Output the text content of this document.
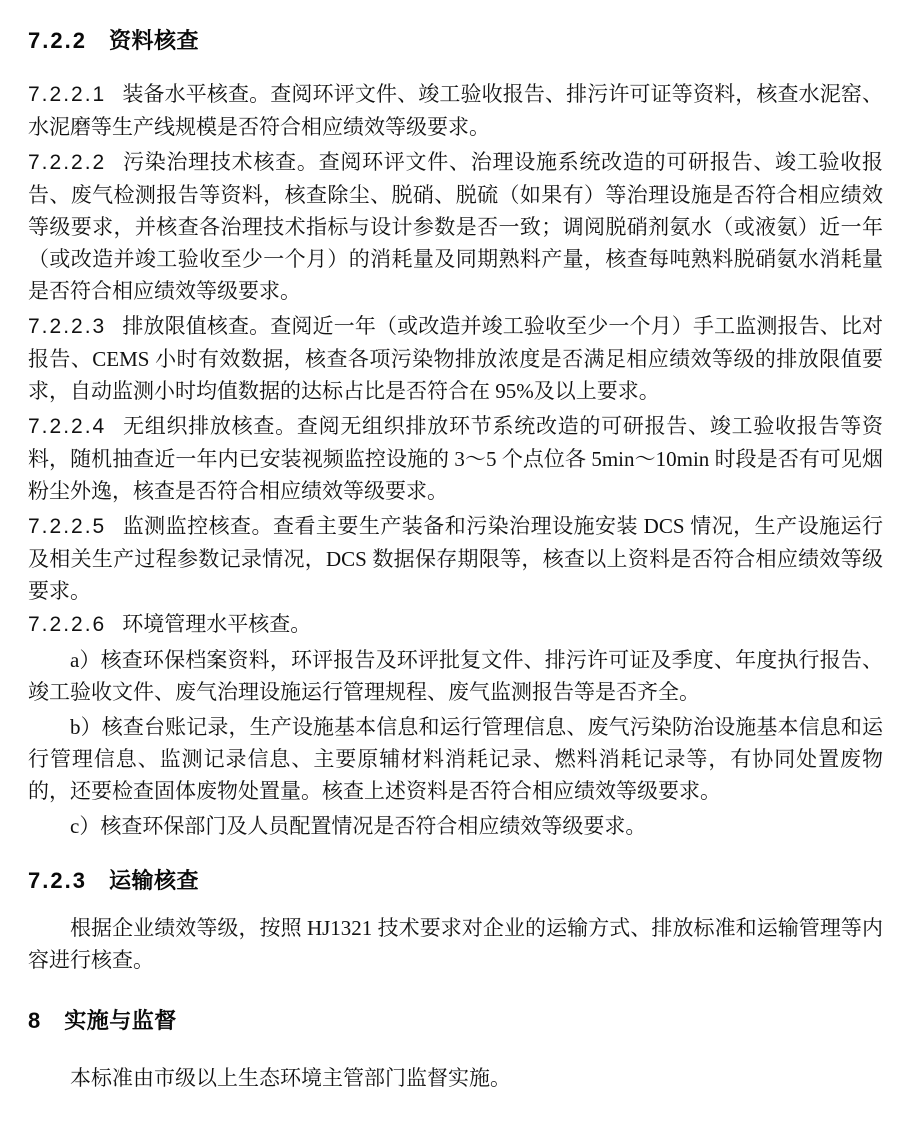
7.2.2 资料核查

7.2.2.1 装备水平核查。查阅环评文件、竣工验收报告、排污许可证等资料，核查水泥窑、水泥磨等生产线规模是否符合相应绩效等级要求。

7.2.2.2 污染治理技术核查。查阅环评文件、治理设施系统改造的可研报告、竣工验收报告、废气检测报告等资料，核查除尘、脱硝、脱硫（如果有）等治理设施是否符合相应绩效等级要求，并核查各治理技术指标与设计参数是否一致；调阅脱硝剂氨水（或液氨）近一年（或改造并竣工验收至少一个月）的消耗量及同期熟料产量，核查每吨熟料脱硝氨水消耗量是否符合相应绩效等级要求。

7.2.2.3 排放限值核查。查阅近一年（或改造并竣工验收至少一个月）手工监测报告、比对报告、CEMS 小时有效数据，核查各项污染物排放浓度是否满足相应绩效等级的排放限值要求，自动监测小时均值数据的达标占比是否符合在 95%及以上要求。

7.2.2.4 无组织排放核查。查阅无组织排放环节系统改造的可研报告、竣工验收报告等资料，随机抽查近一年内已安装视频监控设施的 3～5 个点位各 5min～10min 时段是否有可见烟粉尘外逸，核查是否符合相应绩效等级要求。

7.2.2.5 监测监控核查。查看主要生产装备和污染治理设施安装 DCS 情况，生产设施运行及相关生产过程参数记录情况，DCS 数据保存期限等，核查以上资料是否符合相应绩效等级要求。

7.2.2.6 环境管理水平核查。

a）核查环保档案资料，环评报告及环评批复文件、排污许可证及季度、年度执行报告、竣工验收文件、废气治理设施运行管理规程、废气监测报告等是否齐全。

b）核查台账记录，生产设施基本信息和运行管理信息、废气污染防治设施基本信息和运行管理信息、监测记录信息、主要原辅材料消耗记录、燃料消耗记录等，有协同处置废物的，还要检查固体废物处置量。核查上述资料是否符合相应绩效等级要求。

c）核查环保部门及人员配置情况是否符合相应绩效等级要求。

7.2.3 运输核查

根据企业绩效等级，按照 HJ1321 技术要求对企业的运输方式、排放标准和运输管理等内容进行核查。

8 实施与监督

本标准由市级以上生态环境主管部门监督实施。
